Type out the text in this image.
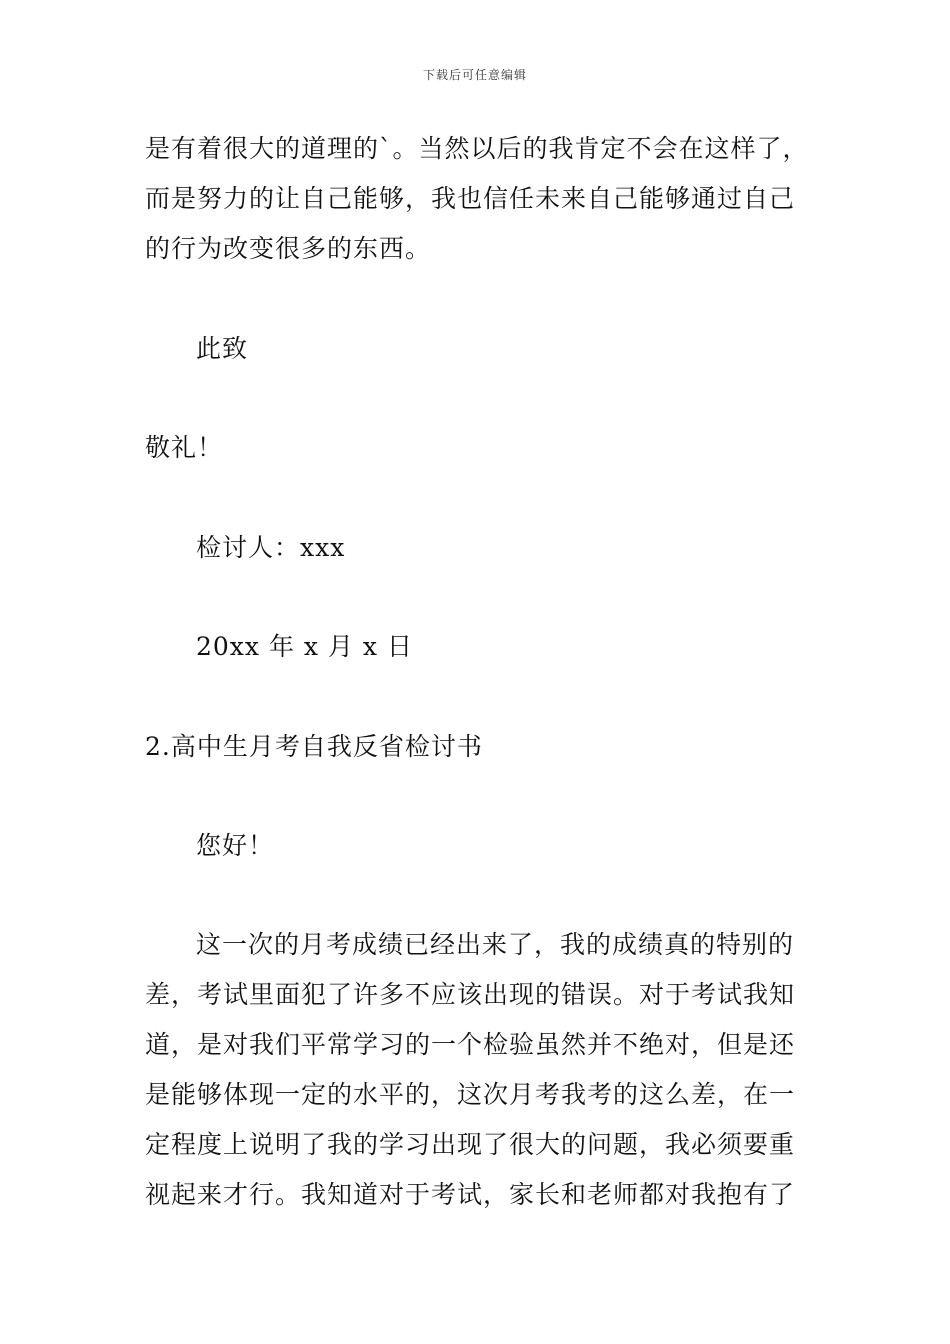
下载后可任意编辑
是有着很大的道理的`。当然以后的我肯定不会在这样了，
而是努力的让自己能够，我也信任未来自己能够通过自己
的行为改变很多的东西。
此致
敬礼！
检讨人：xxx
20xx 年 x 月 x 日
2.高中生月考自我反省检讨书
您好！
这一次的月考成绩已经出来了，我的成绩真的特别的
差，考试里面犯了许多不应该出现的错误。对于考试我知
道，是对我们平常学习的一个检验虽然并不绝对，但是还
是能够体现一定的水平的，这次月考我考的这么差，在一
定程度上说明了我的学习出现了很大的问题，我必须要重
视起来才行。我知道对于考试，家长和老师都对我抱有了
